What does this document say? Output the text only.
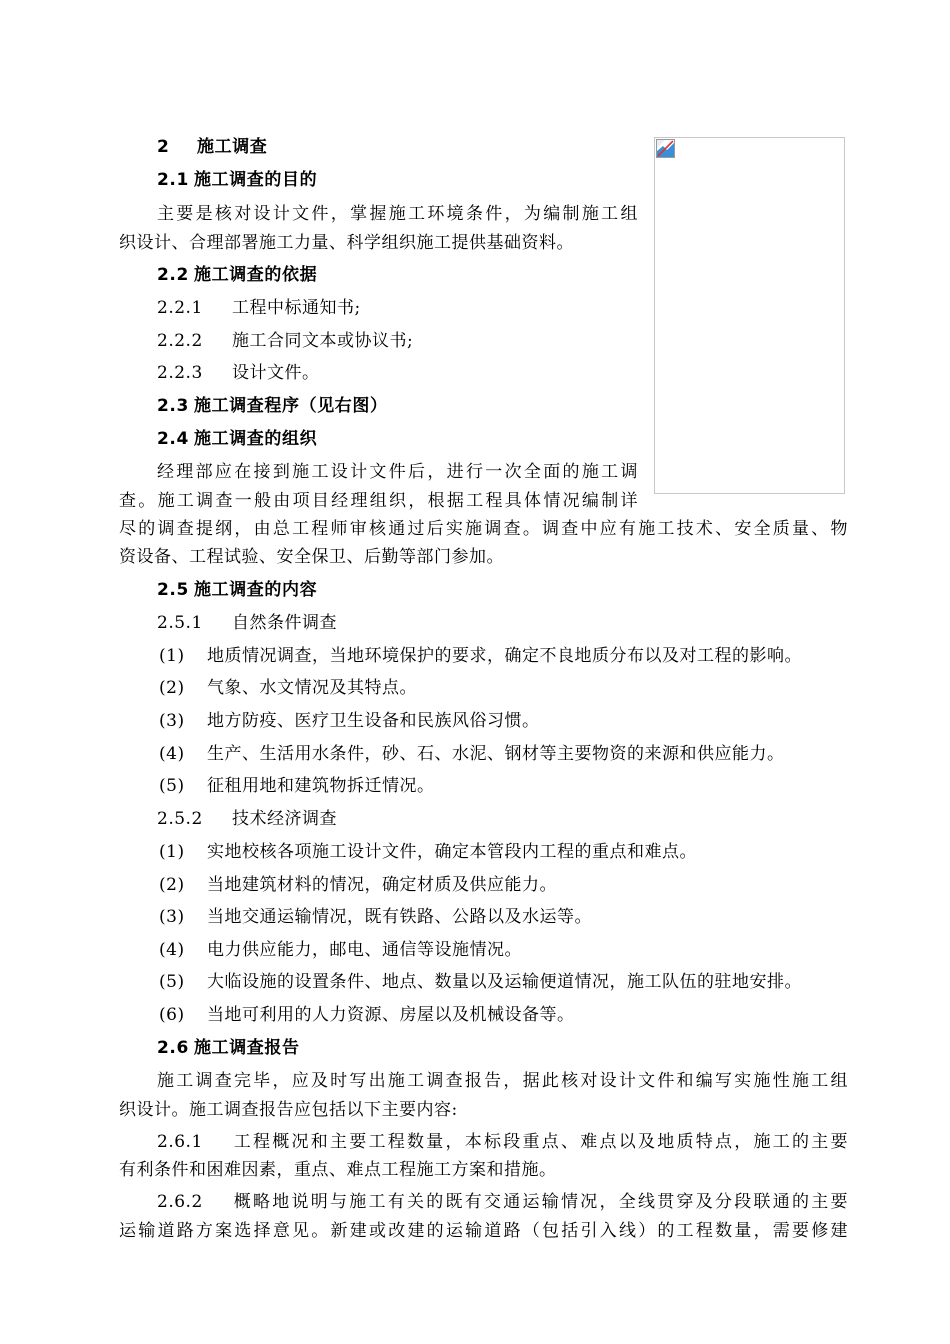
2 施工调查
2.1 施工调查的目的
主要是核对设计文件，掌握施工环境条件，为编制施工组
织设计、合理部署施工力量、科学组织施工提供基础资料。
2.2 施工调查的依据
2.2.1 工程中标通知书;
2.2.2 施工合同文本或协议书;
2.2.3 设计文件。
2.3 施工调查程序（见右图）
2.4 施工调查的组织
经理部应在接到施工设计文件后，进行一次全面的施工调
查。施工调查一般由项目经理组织，根据工程具体情况编制详
尽的调查提纲，由总工程师审核通过后实施调查。调查中应有施工技术、安全质量、物
资设备、工程试验、安全保卫、后勤等部门参加。
2.5 施工调查的内容
2.5.1 自然条件调查
(1) 地质情况调查，当地环境保护的要求，确定不良地质分布以及对工程的影响。
(2) 气象、水文情况及其特点。
(3) 地方防疫、医疗卫生设备和民族风俗习惯。
(4) 生产、生活用水条件，砂、石、水泥、钢材等主要物资的来源和供应能力。
(5) 征租用地和建筑物拆迁情况。
2.5.2 技术经济调查
(1) 实地校核各项施工设计文件，确定本管段内工程的重点和难点。
(2) 当地建筑材料的情况，确定材质及供应能力。
(3) 当地交通运输情况，既有铁路、公路以及水运等。
(4) 电力供应能力，邮电、通信等设施情况。
(5) 大临设施的设置条件、地点、数量以及运输便道情况，施工队伍的驻地安排。
(6) 当地可利用的人力资源、房屋以及机械设备等。
2.6 施工调查报告
施工调查完毕，应及时写出施工调查报告，据此核对设计文件和编写实施性施工组
织设计。施工调查报告应包括以下主要内容:
2.6.1 工程概况和主要工程数量，本标段重点、难点以及地质特点，施工的主要
有利条件和困难因素，重点、难点工程施工方案和措施。
2.6.2 概略地说明与施工有关的既有交通运输情况，全线贯穿及分段联通的主要
运输道路方案选择意见。新建或改建的运输道路（包括引入线）的工程数量，需要修建
